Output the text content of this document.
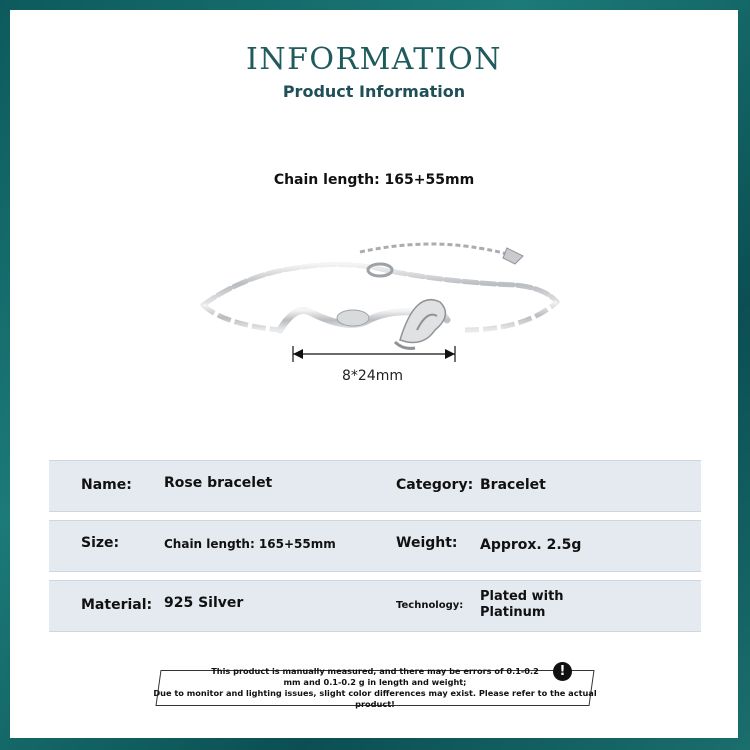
INFORMATION
Product Information
Chain length: 165+55mm
8*24mm
Name: Rose bracelet	Category: Bracelet
Size:	Chain length: 165+55mm	Weight: Approx. 2.5g
Material: 925 Silver	Technology:
Plated with Platinum
This product is manually measured, and there may be errors of 0.1-0.2
mm and 0.1-0.2 g in length and weight;
Due to monitor and lighting issues, slight color differences may exist. Please refer to the actual
product!
!
